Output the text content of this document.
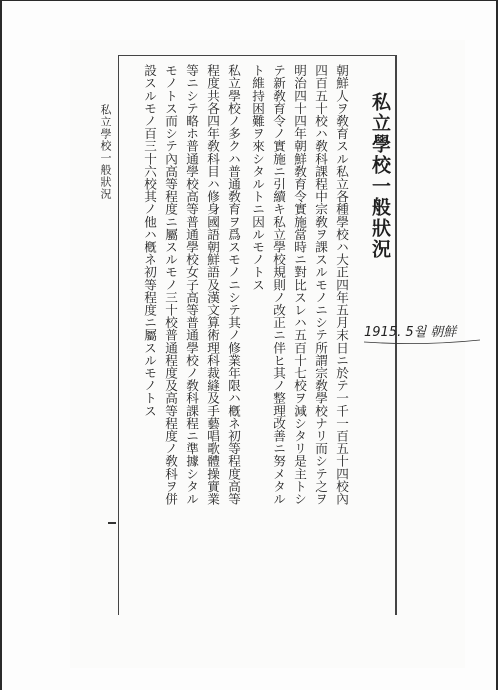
私立學校一般狀況	私立學校一般狀況
朝鮮人ヲ敎育スル私立各種學校ハ大正四年五月末日ニ於テ一千一百五十四校內
四百五十校ハ敎科課程中宗敎ヲ課スルモノニシテ所謂宗敎學校ナリ而シテ之ヲ
明治四十四年朝鮮敎育令實施當時ニ對比スレハ五百十七校ヲ減シタリ是主トシ
テ新敎育令ノ實施ニ引續キ私立學校規則ノ改正ニ伴ヒ其ノ整理改善ニ努メタル
ト維持困難ヲ來シタルトニ因ルモノトス
私立學校ノ多クハ普通敎育ヲ爲スモノニシテ其ノ修業年限ハ槪ネ初等程度高等
程度共各四年敎科目ハ修身國語朝鮮語及漢文算術理科裁縫及手藝唱歌體操實業
等ニシテ略ホ普通學校高等普通學校女子高等普通學校ノ敎科課程ニ準據シタル
モノトス而シテ內高等程度ニ屬スルモノ三十校普通程度及高等程度ノ敎科ヲ併
設スルモノ百三十六校其ノ他ハ槪ネ初等程度ニ屬スルモノトス	1915. 5월 朝鮮
